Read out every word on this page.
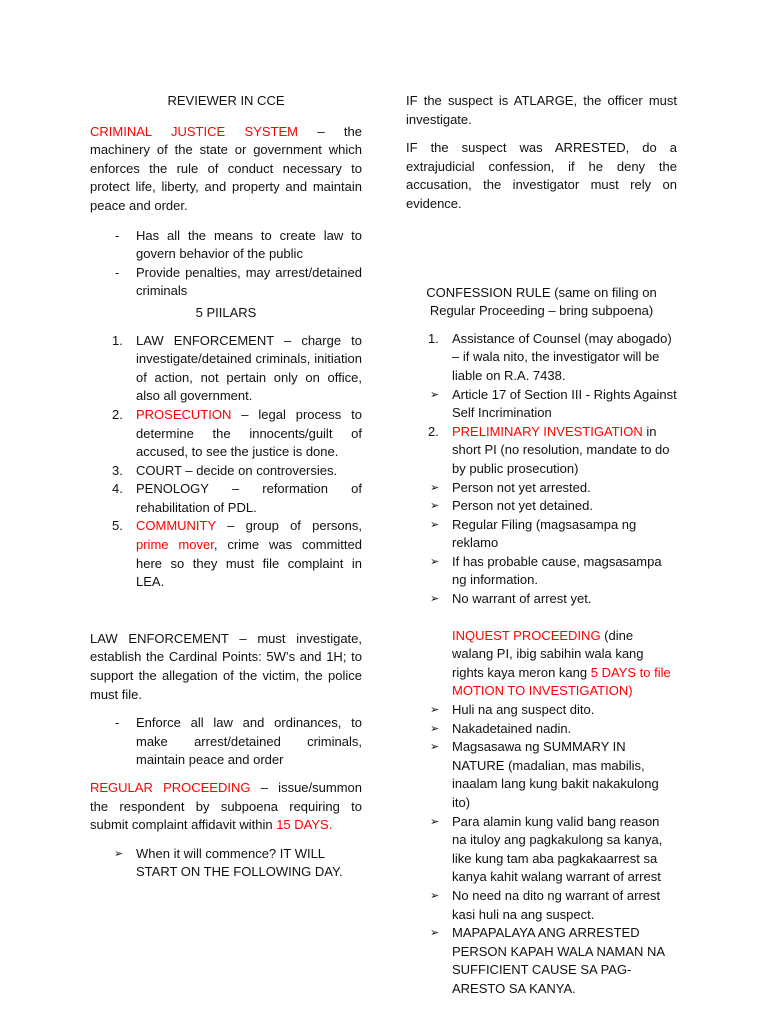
REVIEWER IN CCE

CRIMINAL JUSTICE SYSTEM – the machinery of the state or government which enforces the rule of conduct necessary to protect life, liberty, and property and maintain peace and order.

- Has all the means to create law to govern behavior of the public
- Provide penalties, may arrest/detained criminals

5 PIILARS

1. LAW ENFORCEMENT – charge to investigate/detained criminals, initiation of action, not pertain only on office, also all government.
2. PROSECUTION – legal process to determine the innocents/guilt of accused, to see the justice is done.
3. COURT – decide on controversies.
4. PENOLOGY – reformation of rehabilitation of PDL.
5. COMMUNITY – group of persons, prime mover, crime was committed here so they must file complaint in LEA.

LAW ENFORCEMENT – must investigate, establish the Cardinal Points: 5W’s and 1H; to support the allegation of the victim, the police must file.

- Enforce all law and ordinances, to make arrest/detained criminals, maintain peace and order

REGULAR PROCEEDING – issue/summon the respondent by subpoena requiring to submit complaint affidavit within 15 DAYS.

➢ When it will commence? IT WILL START ON THE FOLLOWING DAY.

IF the suspect is ATLARGE, the officer must investigate.

IF the suspect was ARRESTED, do a extrajudicial confession, if he deny the accusation, the investigator must rely on evidence.

CONFESSION RULE (same on filing on Regular Proceeding – bring subpoena)

1. Assistance of Counsel (may abogado) – if wala nito, the investigator will be liable on R.A. 7438.
➢ Article 17 of Section III - Rights Against Self Incrimination
2. PRELIMINARY INVESTIGATION in short PI (no resolution, mandate to do by public prosecution)
➢ Person not yet arrested.
➢ Person not yet detained.
➢ Regular Filing (magsasampa ng reklamo
➢ If has probable cause, magsasampa ng information.
➢ No warrant of arrest yet.

INQUEST PROCEEDING (dine walang PI, ibig sabihin wala kang rights kaya meron kang 5 DAYS to file MOTION TO INVESTIGATION)

➢ Huli na ang suspect dito.
➢ Nakadetained nadin.
➢ Magsasawa ng SUMMARY IN NATURE (madalian, mas mabilis, inaalam lang kung bakit nakakulong ito)
➢ Para alamin kung valid bang reason na ituloy ang pagkakulong sa kanya, like kung tam aba pagkakaarrest sa kanya kahit walang warrant of arrest
➢ No need na dito ng warrant of arrest kasi huli na ang suspect.
➢ MAPAPALAYA ANG ARRESTED PERSON KAPAH WALA NAMAN NA SUFFICIENT CAUSE SA PAG-ARESTO SA KANYA.
